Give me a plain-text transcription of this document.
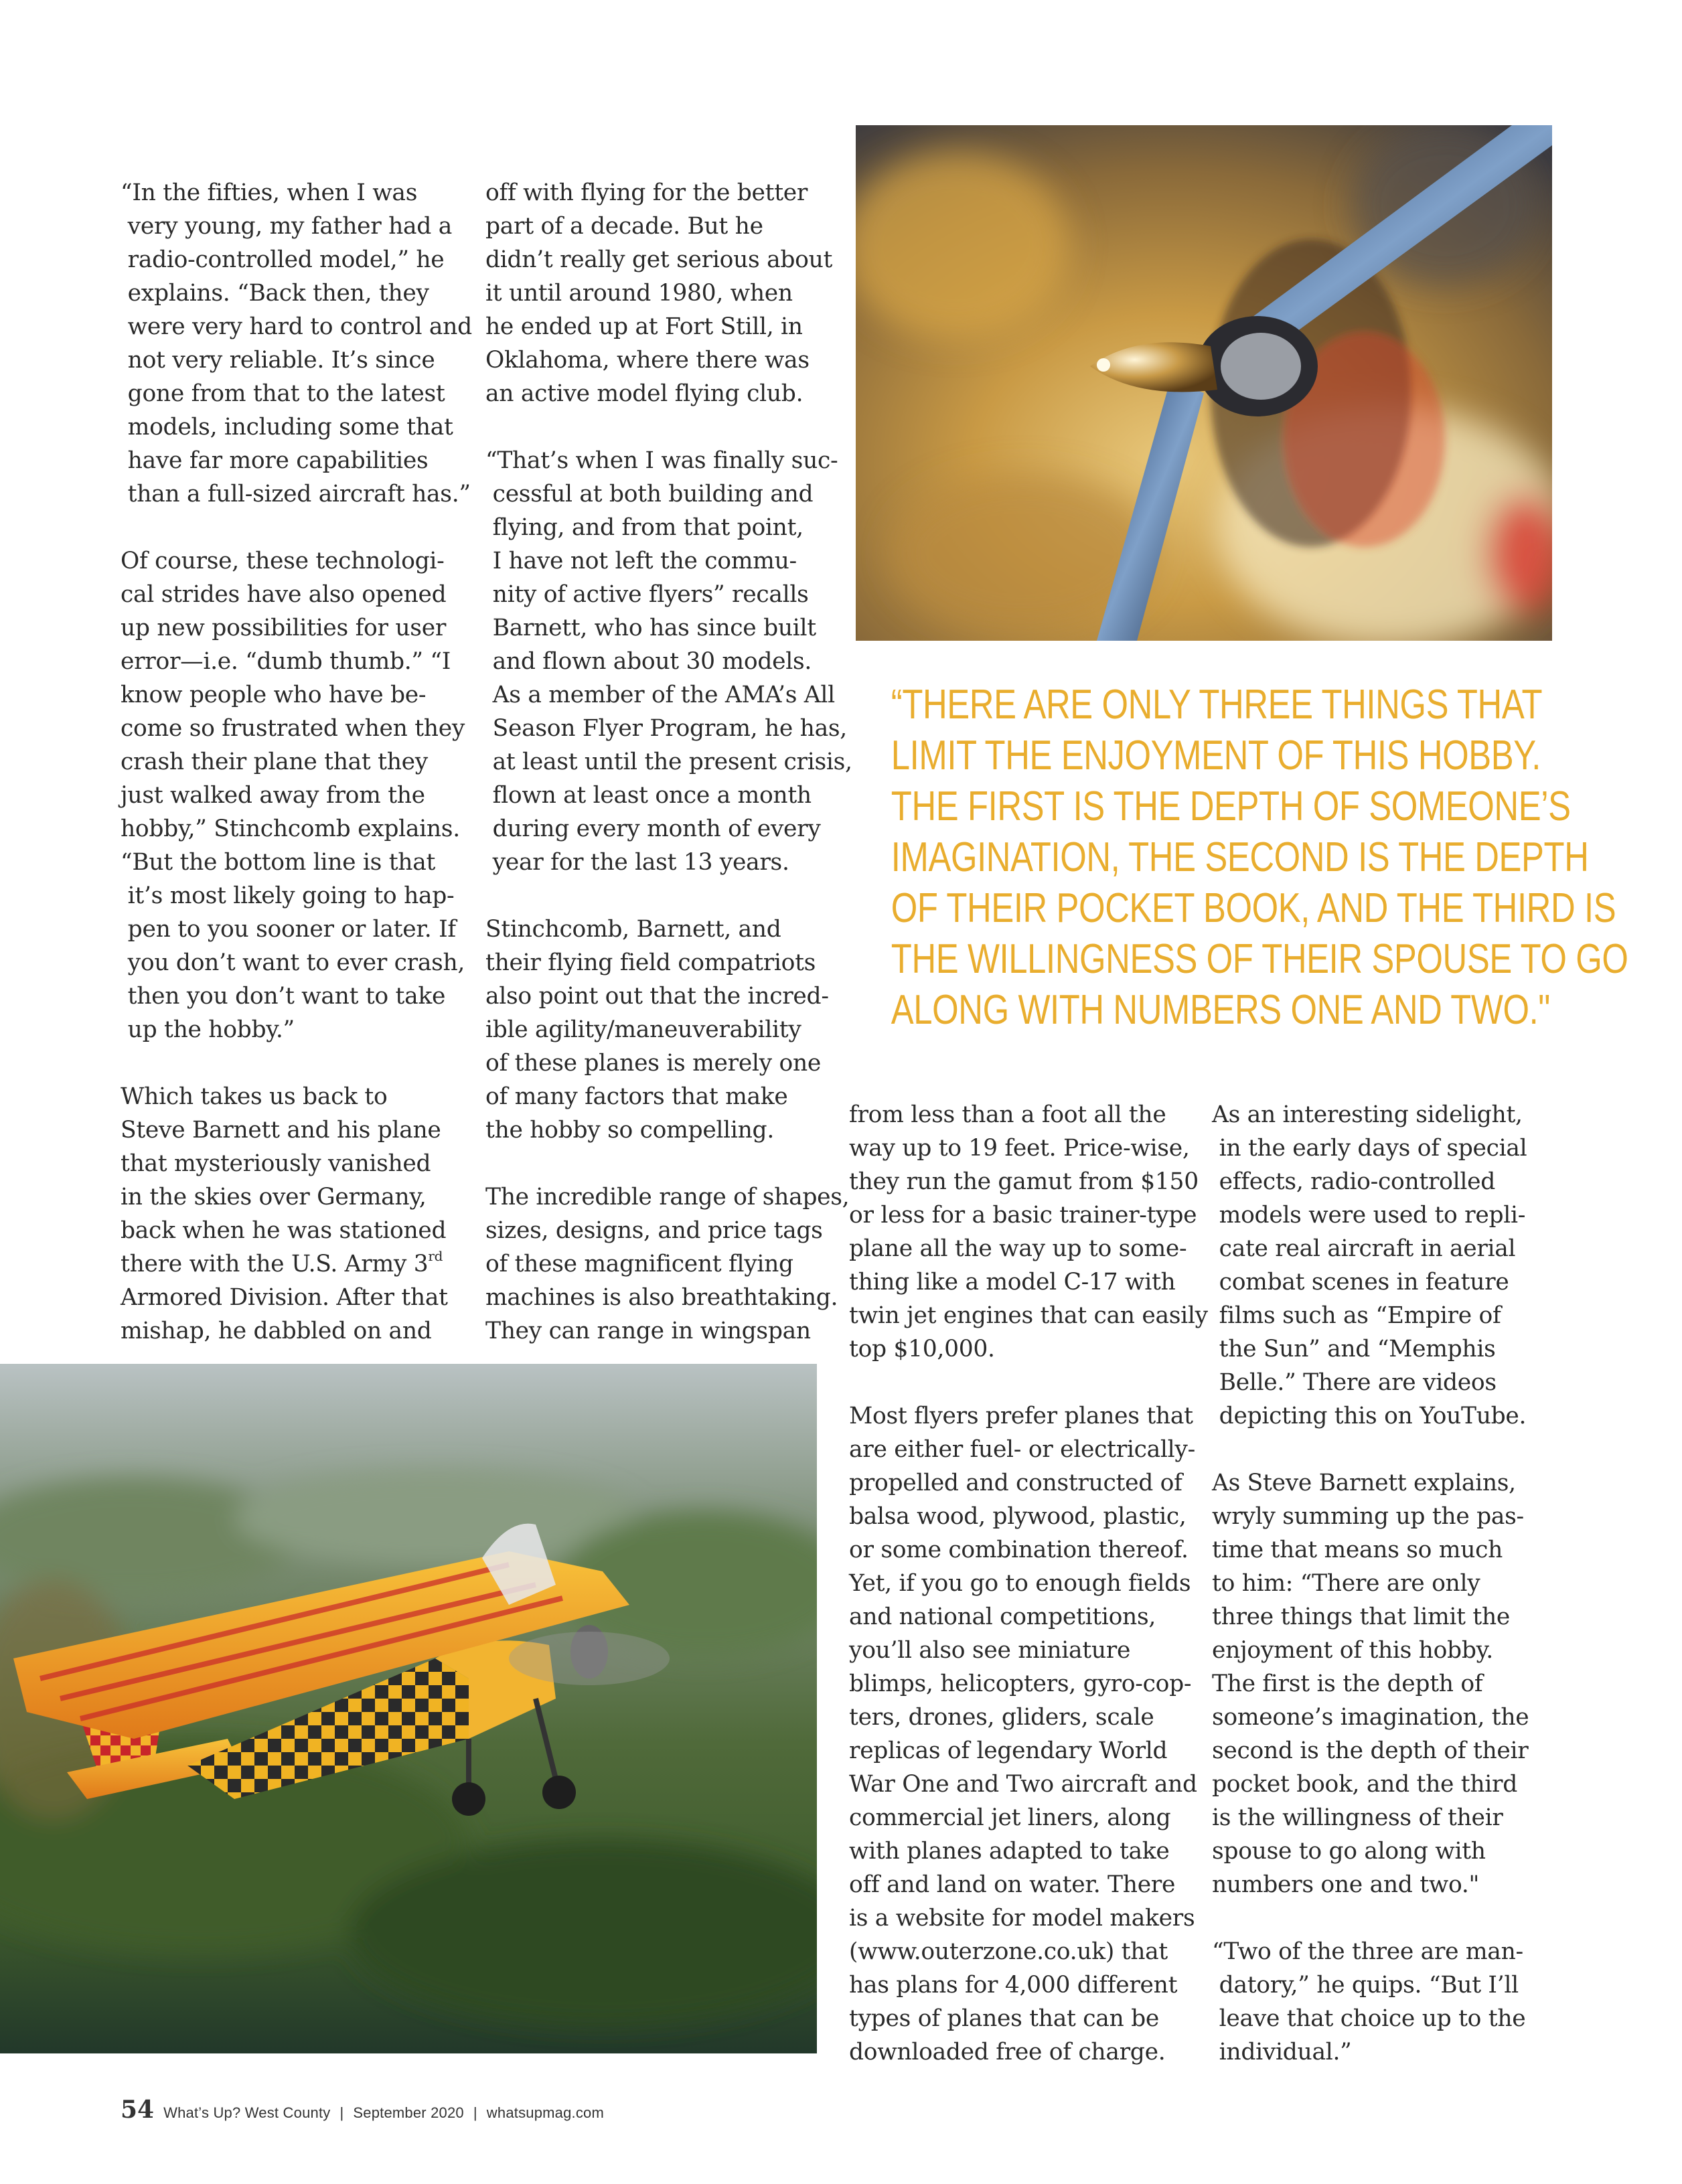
“THERE ARE ONLY THREE THINGS THAT
LIMIT THE ENJOYMENT OF THIS HOBBY.
THE FIRST IS THE DEPTH OF SOMEONE’S
IMAGINATION, THE SECOND IS THE DEPTH
OF THEIR POCKET BOOK, AND THE THIRD IS
THE WILLINGNESS OF THEIR SPOUSE TO GO
ALONG WITH NUMBERS ONE AND TWO."

“In the fifties, when I was

very young, my father had a

radio-controlled model,” he

explains. “Back then, they

were very hard to control and

not very reliable. It’s since

gone from that to the latest

models, including some that

have far more capabilities

than a full-sized aircraft has.”

Of course, these technologi-

cal strides have also opened

up new possibilities for user

error—i.e. “dumb thumb.” “I

know people who have be-

come so frustrated when they

crash their plane that they

just walked away from the

hobby,” Stinchcomb explains.

“But the bottom line is that

it’s most likely going to hap-

pen to you sooner or later. If

you don’t want to ever crash,

then you don’t want to take

up the hobby.”

Which takes us back to

Steve Barnett and his plane

that mysteriously vanished

in the skies over Germany,

back when he was stationed

there with the U.S. Army 3rd

Armored Division. After that

mishap, he dabbled on and

off with flying for the better

part of a decade. But he

didn’t really get serious about

it until around 1980, when

he ended up at Fort Still, in

Oklahoma, where there was

an active model flying club.

“That’s when I was finally suc-

cessful at both building and

flying, and from that point,

I have not left the commu-

nity of active flyers” recalls

Barnett, who has since built

and flown about 30 models.

As a member of the AMA’s All

Season Flyer Program, he has,

at least until the present crisis,

flown at least once a month

during every month of every

year for the last 13 years.

Stinchcomb, Barnett, and

their flying field compatriots

also point out that the incred-

ible agility/maneuverability

of these planes is merely one

of many factors that make

the hobby so compelling.

The incredible range of shapes,

sizes, designs, and price tags

of these magnificent flying

machines is also breathtaking.

They can range in wingspan

from less than a foot all the

way up to 19 feet. Price-wise,

they run the gamut from $150

or less for a basic trainer-type

plane all the way up to some-

thing like a model C-17 with

twin jet engines that can easily

top $10,000.

Most flyers prefer planes that

are either fuel- or electrically-

propelled and constructed of

balsa wood, plywood, plastic,

or some combination thereof.

Yet, if you go to enough fields

and national competitions,

you’ll also see miniature

blimps, helicopters, gyro-cop-

ters, drones, gliders, scale

replicas of legendary World

War One and Two aircraft and

commercial jet liners, along

with planes adapted to take

off and land on water. There

is a website for model makers

(www.outerzone.co.uk) that

has plans for 4,000 different

types of planes that can be

downloaded free of charge.

As an interesting sidelight,

in the early days of special

effects, radio-controlled

models were used to repli-

cate real aircraft in aerial

combat scenes in feature

films such as “Empire of

the Sun” and “Memphis

Belle.” There are videos

depicting this on YouTube.

As Steve Barnett explains,

wryly summing up the pas-

time that means so much

to him: “There are only

three things that limit the

enjoyment of this hobby.

The first is the depth of

someone’s imagination, the

second is the depth of their

pocket book, and the third

is the willingness of their

spouse to go along with

numbers one and two."

“Two of the three are man-

datory,” he quips. “But I’ll

leave that choice up to the

individual.”

54 What’s Up? West County | September 2020 | whatsupmag.com
